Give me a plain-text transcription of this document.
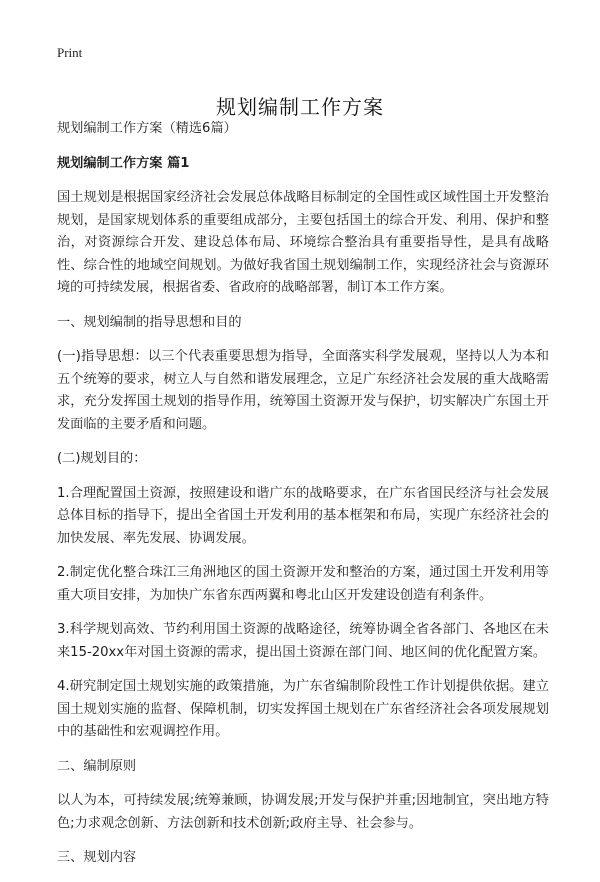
Print
规划编制工作方案

规划编制工作方案（精选6篇）

规划编制工作方案 篇1

国土规划是根据国家经济社会发展总体战略目标制定的全国性或区域性国土开发整治规划，是国家规划体系的重要组成部分，主要包括国土的综合开发、利用、保护和整治，对资源综合开发、建设总体布局、环境综合整治具有重要指导性，是具有战略性、综合性的地域空间规划。为做好我省国土规划编制工作，实现经济社会与资源环境的可持续发展，根据省委、省政府的战略部署，制订本工作方案。

一、规划编制的指导思想和目的

(一)指导思想：以三个代表重要思想为指导，全面落实科学发展观，坚持以人为本和五个统筹的要求，树立人与自然和谐发展理念，立足广东经济社会发展的重大战略需求，充分发挥国土规划的指导作用，统筹国土资源开发与保护，切实解决广东国土开发面临的主要矛盾和问题。

(二)规划目的：

1.合理配置国土资源，按照建设和谐广东的战略要求，在广东省国民经济与社会发展总体目标的指导下，提出全省国土开发利用的基本框架和布局，实现广东经济社会的加快发展、率先发展、协调发展。

2.制定优化整合珠江三角洲地区的国土资源开发和整治的方案，通过国土开发利用等重大项目安排，为加快广东省东西两翼和粤北山区开发建设创造有利条件。

3.科学规划高效、节约利用国土资源的战略途径，统筹协调全省各部门、各地区在未来15-20xx年对国土资源的需求，提出国土资源在部门间、地区间的优化配置方案。

4.研究制定国土规划实施的政策措施，为广东省编制阶段性工作计划提供依据。建立国土规划实施的监督、保障机制，切实发挥国土规划在广东省经济社会各项发展规划中的基础性和宏观调控作用。

二、编制原则

以人为本，可持续发展;统筹兼顾，协调发展;开发与保护并重;因地制宜，突出地方特色;力求观念创新、方法创新和技术创新;政府主导、社会参与。

三、规划内容
